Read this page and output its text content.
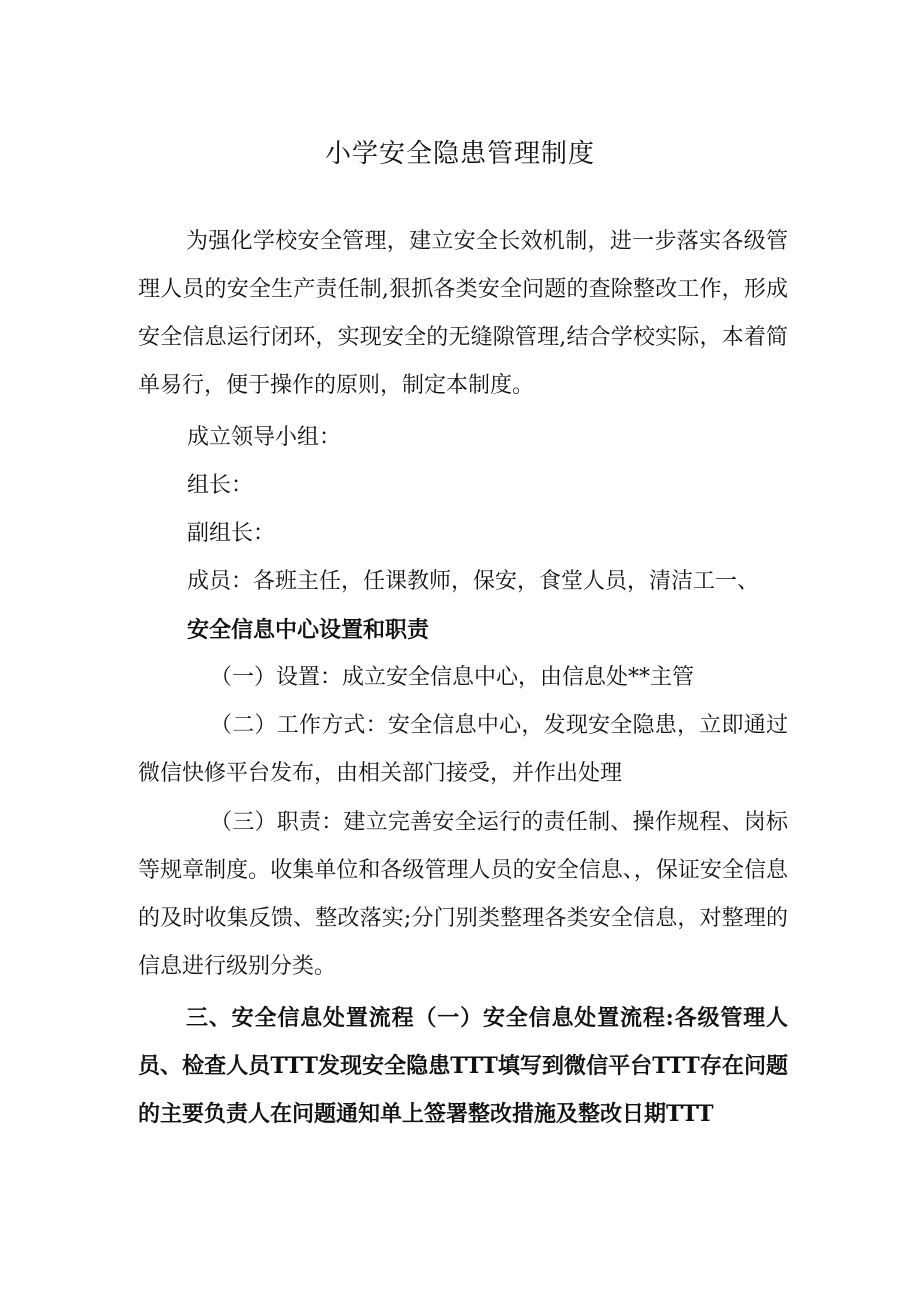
小学安全隐患管理制度
为强化学校安全管理，建立安全长效机制，进一步落实各级管理人员的安全生产责任制,狠抓各类安全问题的查除整改工作，形成安全信息运行闭环，实现安全的无缝隙管理,结合学校实际，本着简单易行，便于操作的原则，制定本制度。
成立领导小组：
组长：
副组长：
成员：各班主任，任课教师，保安，食堂人员，清洁工一、
安全信息中心设置和职责
（一）设置：成立安全信息中心，由信息处**主管
（二）工作方式：安全信息中心，发现安全隐患，立即通过微信快修平台发布，由相关部门接受，并作出处理
（三）职责：建立完善安全运行的责任制、操作规程、岗标等规章制度。收集单位和各级管理人员的安全信息、，保证安全信息的及时收集反馈、整改落实;分门别类整理各类安全信息，对整理的信息进行级别分类。
三、安全信息处置流程（一）安全信息处置流程:各级管理人员、检查人员TTT发现安全隐患TTT填写到微信平台TTT存在问题的主要负责人在问题通知单上签署整改措施及整改日期TTT
